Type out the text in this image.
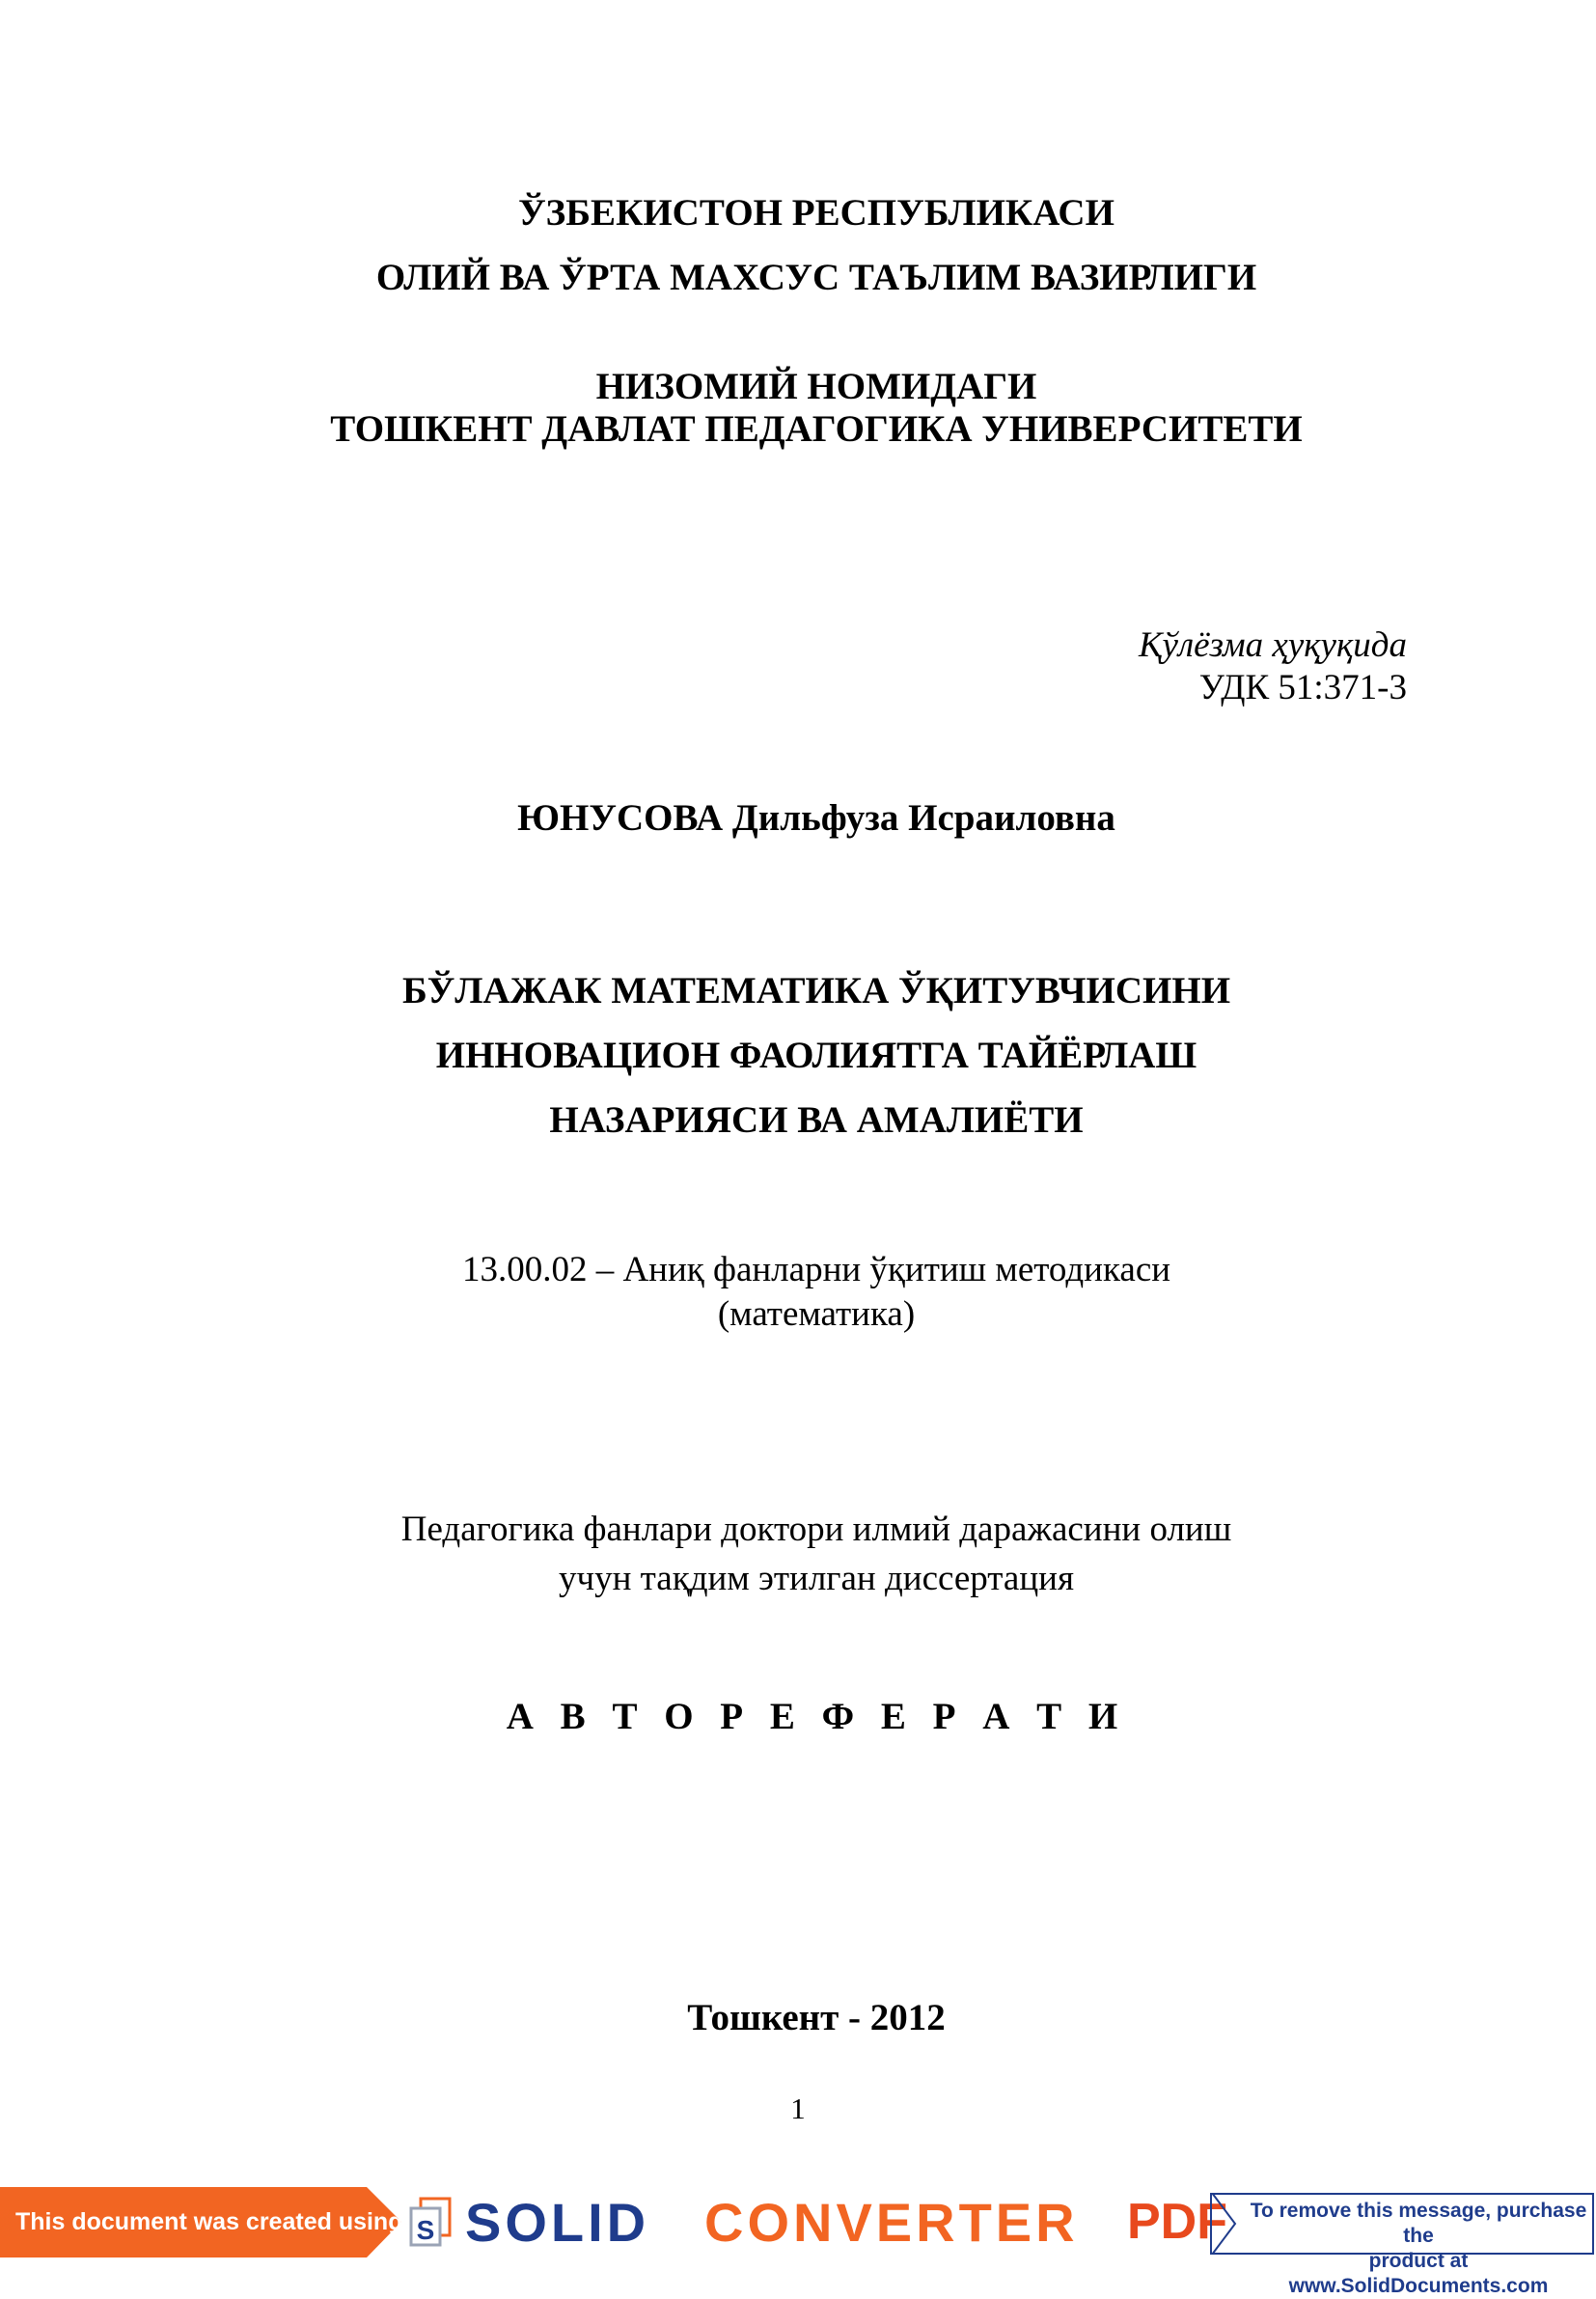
ЎЗБЕКИСТОН РЕСПУБЛИКАСИ
ОЛИЙ ВА ЎРТА МАХСУС ТАЪЛИМ ВАЗИРЛИГИ
НИЗОМИЙ НОМИДАГИ
ТОШКЕНТ ДАВЛАТ ПЕДАГОГИКА УНИВЕРСИТЕТИ
Қўлёзма ҳуқуқида
УДК 51:371-3
ЮНУСОВА Дильфуза Исраиловна
БЎЛАЖАК МАТЕМАТИКА ЎҚИТУВЧИСИНИ
ИННОВАЦИОН ФАОЛИЯТГА ТАЙЁРЛАШ
НАЗАРИЯСИ ВА АМАЛИЁТИ
13.00.02 – Аниқ фанларни ўқитиш методикаси
(математика)
Педагогика фанлари доктори илмий даражасини олиш
учун тақдим этилган диссертация
А В Т О Р Е Ф Е Р А Т И
Тошкент - 2012
1
This document was created using S SOLID CONVERTER PDF To remove this message, purchase the
product at www.SolidDocuments.com
